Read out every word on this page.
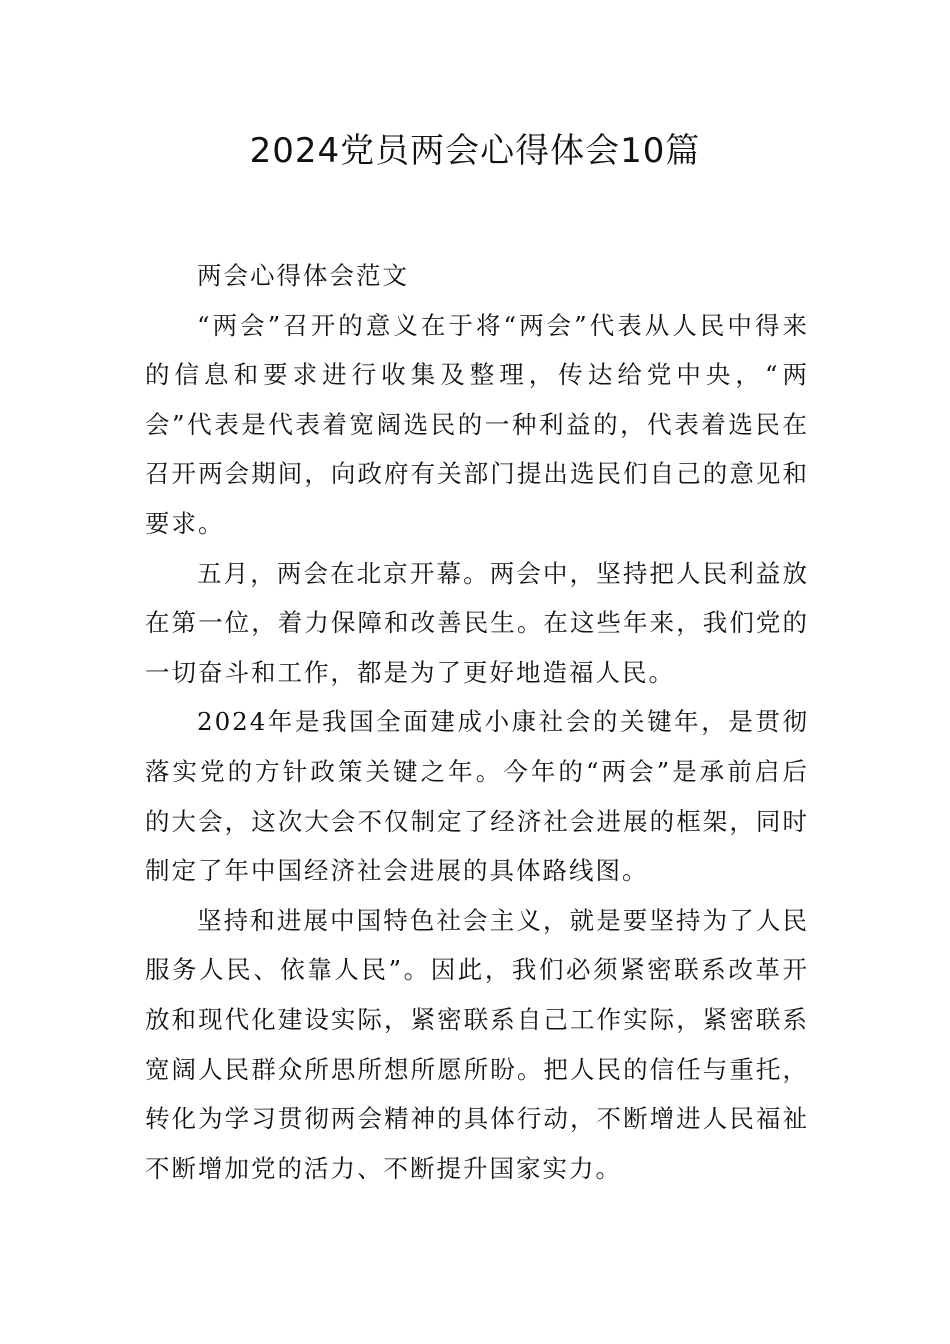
2024党员两会心得体会10篇

两会心得体会范文

“两会”召开的意义在于将“两会”代表从人民中得来的信息和要求进行收集及整理，传达给党中央，“两会”代表是代表着宽阔选民的一种利益的，代表着选民在召开两会期间，向政府有关部门提出选民们自己的意见和要求。

五月，两会在北京开幕。两会中，坚持把人民利益放在第一位，着力保障和改善民生。在这些年来，我们党的一切奋斗和工作，都是为了更好地造福人民。

2024年是我国全面建成小康社会的关键年，是贯彻落实党的方针政策关键之年。今年的“两会”是承前启后的大会，这次大会不仅制定了经济社会进展的框架，同时制定了年中国经济社会进展的具体路线图。

坚持和进展中国特色社会主义，就是要坚持为了人民服务人民、依靠人民”。因此，我们必须紧密联系改革开放和现代化建设实际，紧密联系自己工作实际，紧密联系宽阔人民群众所思所想所愿所盼。把人民的信任与重托，转化为学习贯彻两会精神的具体行动，不断增进人民福祉不断增加党的活力、不断提升国家实力。
